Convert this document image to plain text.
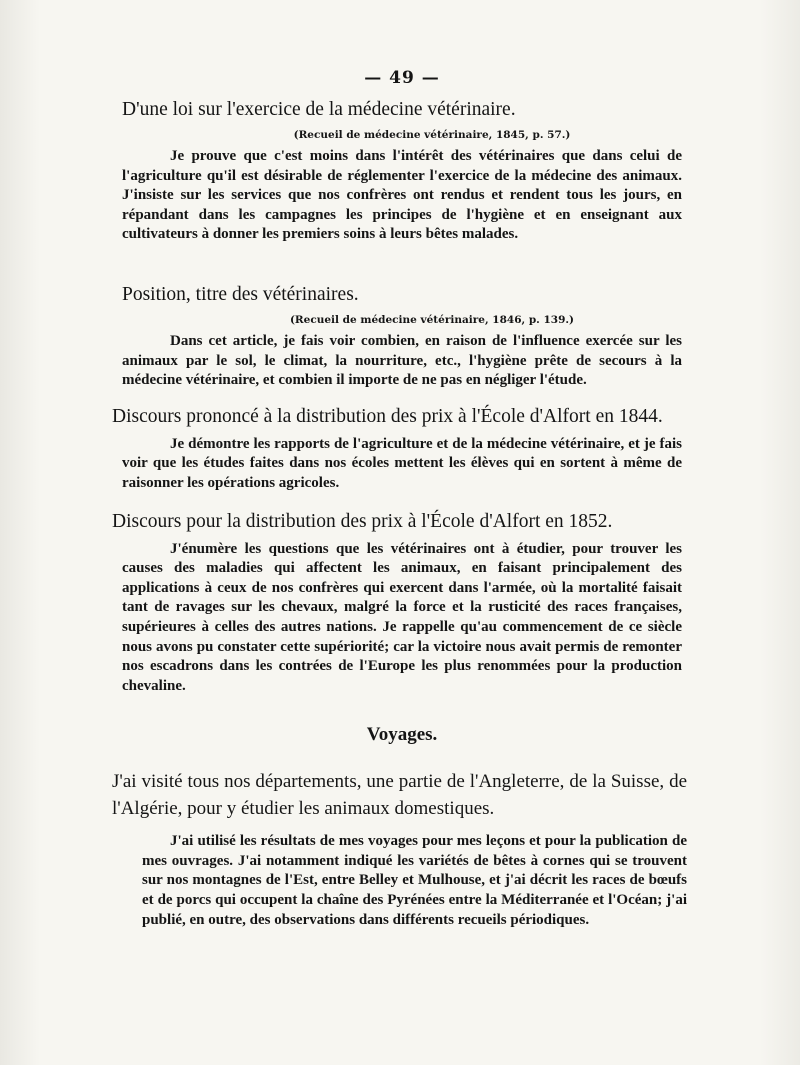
— 49 —
D'une loi sur l'exercice de la médecine vétérinaire.
(Recueil de médecine vétérinaire, 1845, p. 57.)

Je prouve que c'est moins dans l'intérêt des vétérinaires que dans celui de l'agriculture qu'il est désirable de réglementer l'exercice de la médecine des animaux. J'insiste sur les services que nos confrères ont rendus et rendent tous les jours, en répandant dans les campagnes les principes de l'hygiène et en enseignant aux cultivateurs à donner les premiers soins à leurs bêtes malades.

Position, titre des vétérinaires.
(Recueil de médecine vétérinaire, 1846, p. 139.)

Dans cet article, je fais voir combien, en raison de l'influence exercée sur les animaux par le sol, le climat, la nourriture, etc., l'hygiène prête de secours à la médecine vétérinaire, et combien il importe de ne pas en négliger l'étude.

Discours prononcé à la distribution des prix à l'École d'Alfort en 1844.

Je démontre les rapports de l'agriculture et de la médecine vétérinaire, et je fais voir que les études faites dans nos écoles mettent les élèves qui en sortent à même de raisonner les opérations agricoles.

Discours pour la distribution des prix à l'École d'Alfort en 1852.

J'énumère les questions que les vétérinaires ont à étudier, pour trouver les causes des maladies qui affectent les animaux, en faisant principalement des applications à ceux de nos confrères qui exercent dans l'armée, où la mortalité faisait tant de ravages sur les chevaux, malgré la force et la rusticité des races françaises, supérieures à celles des autres nations. Je rappelle qu'au commencement de ce siècle nous avons pu constater cette supériorité; car la victoire nous avait permis de remonter nos escadrons dans les contrées de l'Europe les plus renommées pour la production chevaline.

Voyages.

J'ai visité tous nos départements, une partie de l'Angleterre, de la Suisse, de l'Algérie, pour y étudier les animaux domestiques.

J'ai utilisé les résultats de mes voyages pour mes leçons et pour la publication de mes ouvrages. J'ai notamment indiqué les variétés de bêtes à cornes qui se trouvent sur nos montagnes de l'Est, entre Belley et Mulhouse, et j'ai décrit les races de bœufs et de porcs qui occupent la chaîne des Pyrénées entre la Méditerranée et l'Océan; j'ai publié, en outre, des observations dans différents recueils périodiques.
